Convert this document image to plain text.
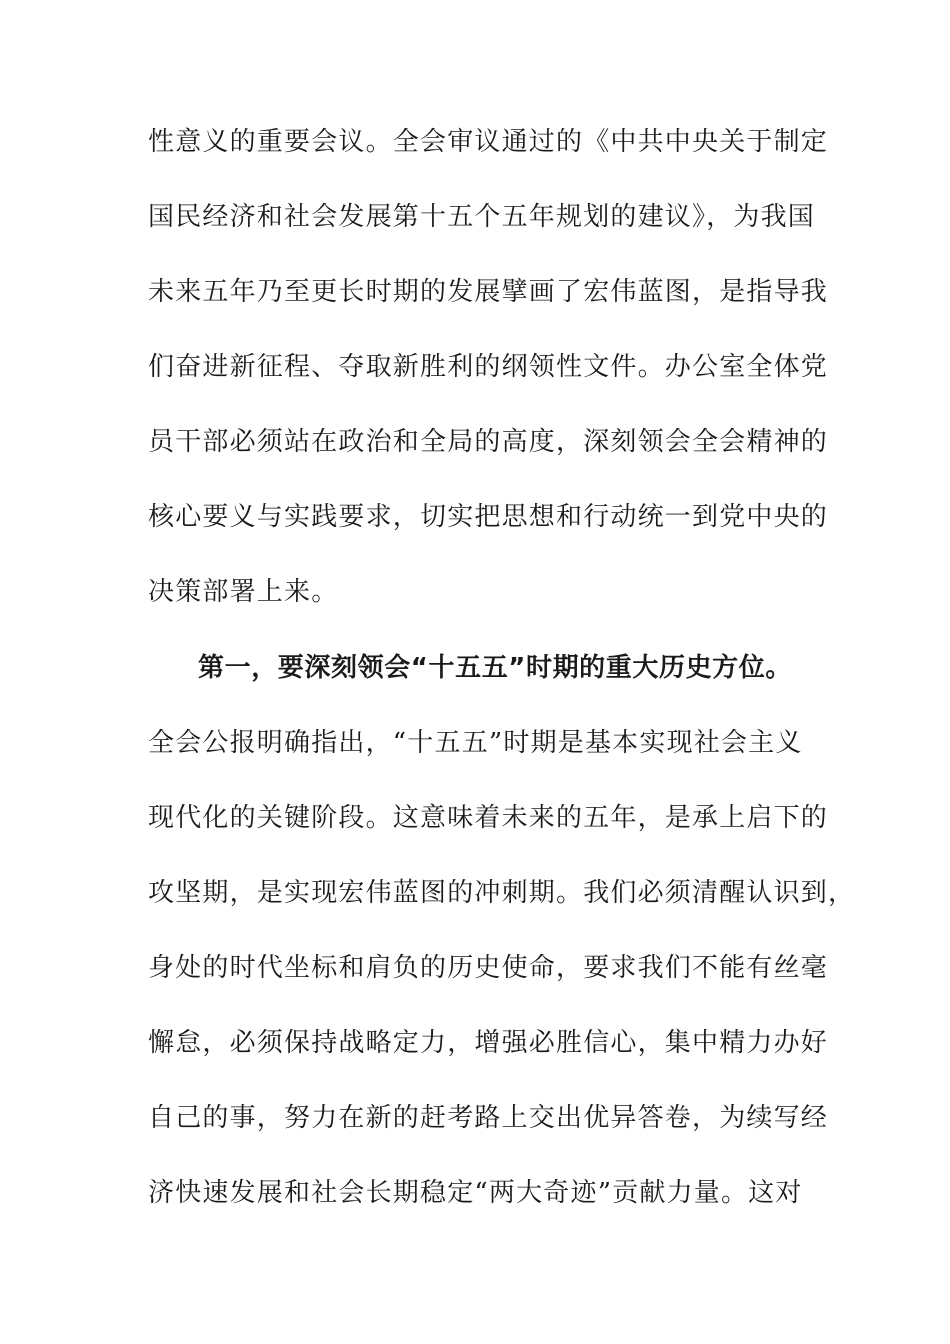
性意义的重要会议。全会审议通过的《中共中央关于制定
国民经济和社会发展第十五个五年规划的建议》，为我国
未来五年乃至更长时期的发展擘画了宏伟蓝图，是指导我
们奋进新征程、夺取新胜利的纲领性文件。办公室全体党
员干部必须站在政治和全局的高度，深刻领会全会精神的
核心要义与实践要求，切实把思想和行动统一到党中央的
决策部署上来。
第一，要深刻领会“十五五”时期的重大历史方位。
全会公报明确指出，“十五五”时期是基本实现社会主义
现代化的关键阶段。这意味着未来的五年，是承上启下的
攻坚期，是实现宏伟蓝图的冲刺期。我们必须清醒认识到，
身处的时代坐标和肩负的历史使命，要求我们不能有丝毫
懈怠，必须保持战略定力，增强必胜信心，集中精力办好
自己的事，努力在新的赶考路上交出优异答卷，为续写经
济快速发展和社会长期稳定“两大奇迹”贡献力量。这对
